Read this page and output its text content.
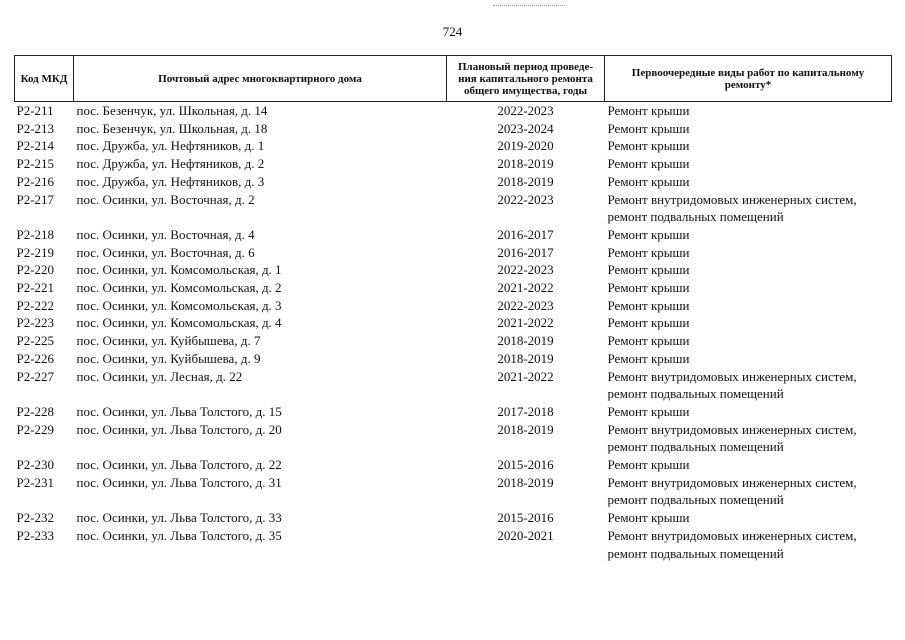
724
Код МКД	Почтовый адрес многоквартирного дома	Плановый период проведе-ния капитального ремонта общего имущества, годы	Первоочередные виды работ по капитальному ремонту*
Р2-211	пос. Безенчук, ул. Школьная, д. 14	2022-2023	Ремонт крыши

Р2-213	пос. Безенчук, ул. Школьная, д. 18	2023-2024	Ремонт крыши

Р2-214	пос. Дружба, ул. Нефтяников, д. 1	2019-2020	Ремонт крыши

Р2-215	пос. Дружба, ул. Нефтяников, д. 2	2018-2019	Ремонт крыши

Р2-216	пос. Дружба, ул. Нефтяников, д. 3	2018-2019	Ремонт крыши

Р2-217	пос. Осинки, ул. Восточная, д. 2	2022-2023	Ремонт внутридомовых инженерных систем,
ремонт подвальных помещений

Р2-218	пос. Осинки, ул. Восточная, д. 4	2016-2017	Ремонт крыши

Р2-219	пос. Осинки, ул. Восточная, д. 6	2016-2017	Ремонт крыши

Р2-220	пос. Осинки, ул. Комсомольская, д. 1	2022-2023	Ремонт крыши

Р2-221	пос. Осинки, ул. Комсомольская, д. 2	2021-2022	Ремонт крыши

Р2-222	пос. Осинки, ул. Комсомольская, д. 3	2022-2023	Ремонт крыши

Р2-223	пос. Осинки, ул. Комсомольская, д. 4	2021-2022	Ремонт крыши

Р2-225	пос. Осинки, ул. Куйбышева, д. 7	2018-2019	Ремонт крыши

Р2-226	пос. Осинки, ул. Куйбышева, д. 9	2018-2019	Ремонт крыши

Р2-227	пос. Осинки, ул. Лесная, д. 22	2021-2022	Ремонт внутридомовых инженерных систем,
ремонт подвальных помещений

Р2-228	пос. Осинки, ул. Льва Толстого, д. 15	2017-2018	Ремонт крыши

Р2-229	пос. Осинки, ул. Льва Толстого, д. 20	2018-2019	Ремонт внутридомовых инженерных систем,
ремонт подвальных помещений

Р2-230	пос. Осинки, ул. Льва Толстого, д. 22	2015-2016	Ремонт крыши

Р2-231	пос. Осинки, ул. Льва Толстого, д. 31	2018-2019	Ремонт внутридомовых инженерных систем,
ремонт подвальных помещений

Р2-232	пос. Осинки, ул. Льва Толстого, д. 33	2015-2016	Ремонт крыши

Р2-233	пос. Осинки, ул. Льва Толстого, д. 35	2020-2021	Ремонт внутридомовых инженерных систем,
ремонт подвальных помещений
